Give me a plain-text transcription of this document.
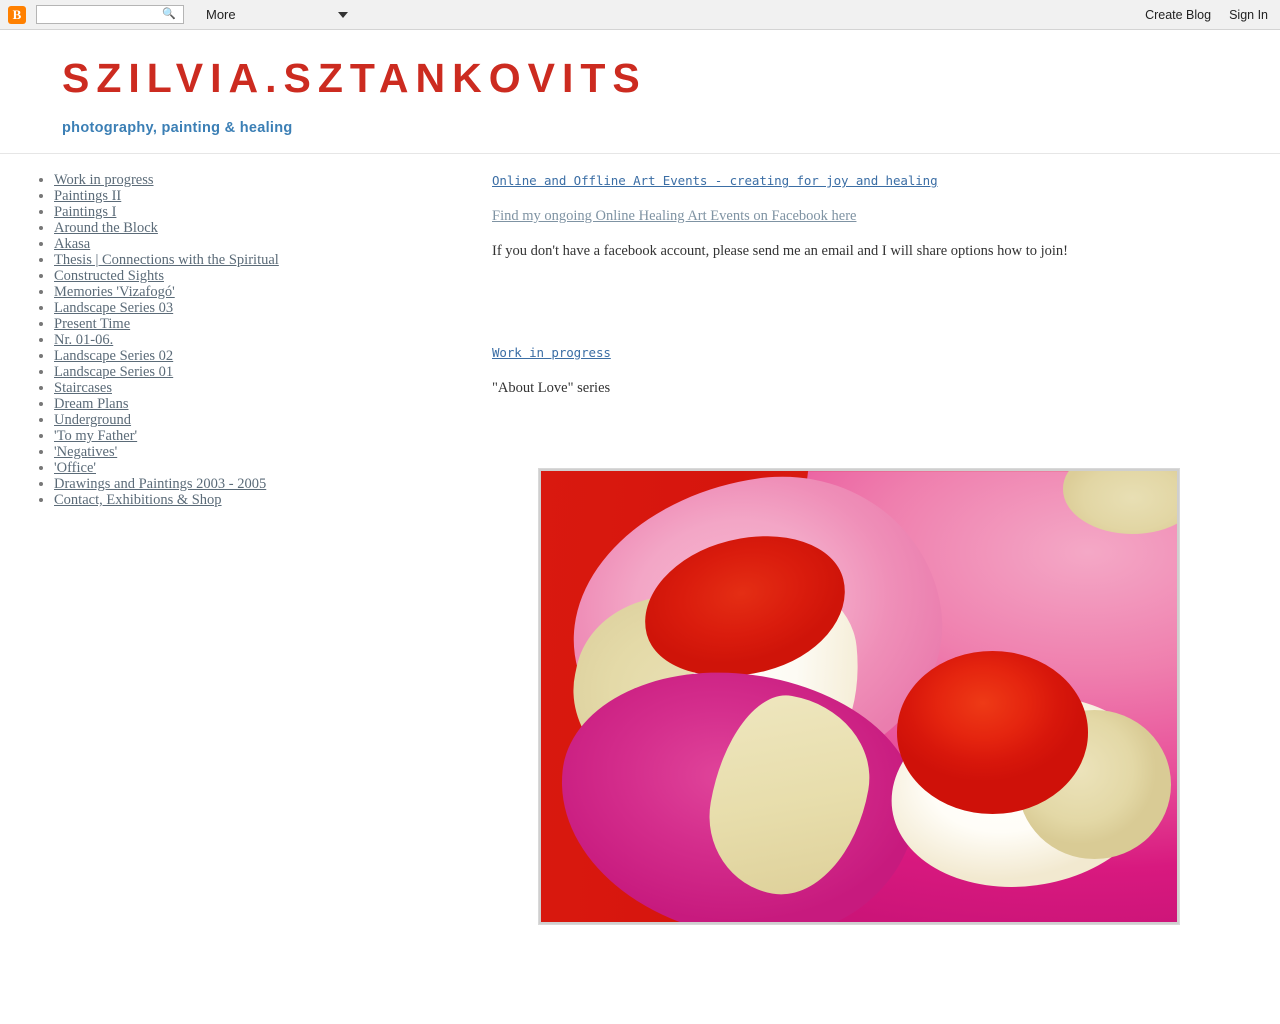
B	🔍	More	Create Blog Sign In
SZILVIA.SZTANKOVITS
photography, painting & healing
• Work in progress
• Paintings II
• Paintings I
• Around the Block
• Akasa
• Thesis | Connections with the Spiritual
• Constructed Sights
• Memories 'Vizafogó'
• Landscape Series 03
• Present Time
• Nr. 01-06.
• Landscape Series 02
• Landscape Series 01
• Staircases
• Dream Plans
• Underground
• 'To my Father'
• 'Negatives'
• 'Office'
• Drawings and Paintings 2003 - 2005
• Contact, Exhibitions & Shop
Online and Offline Art Events - creating for joy and healing
Find my ongoing Online Healing Art Events on Facebook here

If you don't have a facebook account, please send me an email and I will share options how to join!

Work in progress

"About Love" series
